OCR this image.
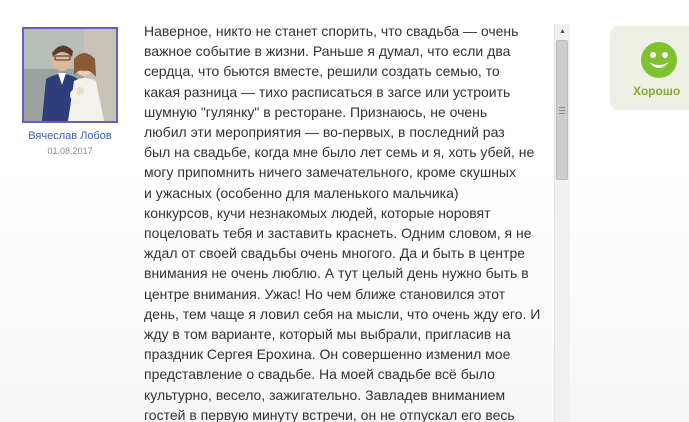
Вячеслав Лобов
01.08.2017

Наверное, никто не станет спорить, что свадьба — очень
важное событие в жизни. Раньше я думал, что если два
сердца, что бьются вместе, решили создать семью, то
какая разница — тихо расписаться в загсе или устроить
шумную "гулянку" в ресторане. Признаюсь, не очень
любил эти мероприятия — во-первых, в последний раз
был на свадьбе, когда мне было лет семь и я, хоть убей, не
могу припомнить ничего замечательного, кроме скушных
и ужасных (особенно для маленького мальчика)
конкурсов, кучи незнакомых людей, которые норовят
поцеловать тебя и заставить краснеть. Одним словом, я не
ждал от своей свадьбы очень многого. Да и быть в центре
внимания не очень люблю. А тут целый день нужно быть в
центре внимания. Ужас! Но чем ближе становился этот
день, тем чаще я ловил себя на мысли, что очень жду его. И
жду в том варианте, который мы выбрали, пригласив на
праздник Сергея Ерохина. Он совершенно изменил мое
представление о свадьбе. На моей свадьбе всё было
культурно, весело, зажигательно. Завладев вниманием
гостей в первую минуту встречи, он не отпускал его весь

▲
Хорошо
